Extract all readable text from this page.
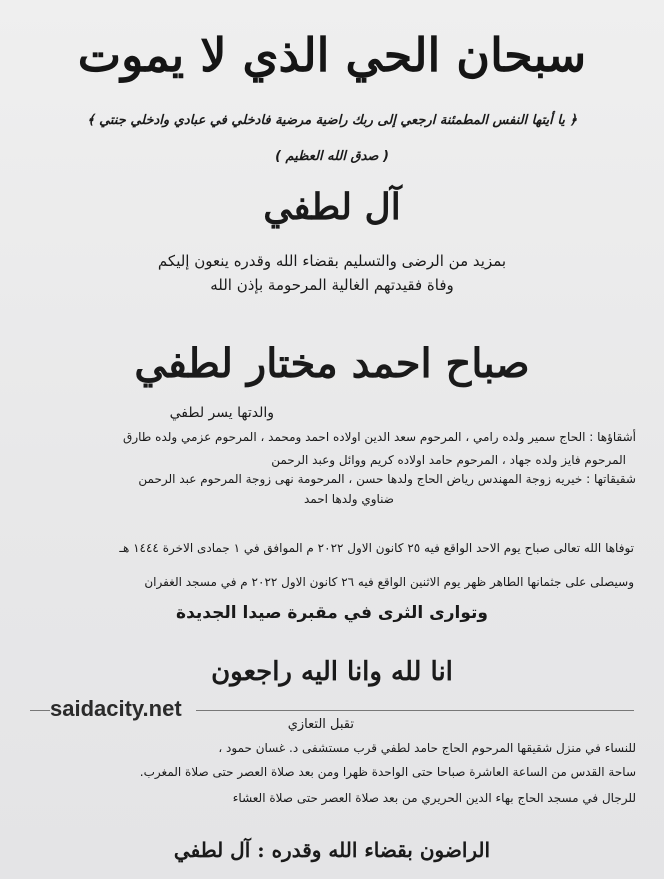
سبحان الحي الذي لا يموت
﴿ يا أيتها النفس المطمئنة ارجعي إلى ربك راضية مرضية فادخلي في عبادي وادخلي جنتي ﴾
( صدق الله العظيم )
آل لطفي
بمزيد من الرضى والتسليم بقضاء الله وقدره ينعون إليكم
وفاة فقيدتهم الغالية المرحومة بإذن الله
صباح احمد مختار لطفي
والدتها يسر لطفي
أشقاؤها : الحاج سمير ولده رامي ، المرحوم سعد الدين اولاده احمد ومحمد ، المرحوم عزمي ولده طارق
المرحوم فايز ولده جهاد ، المرحوم حامد اولاده كريم ووائل وعبد الرحمن
شقيقاتها : خيريه زوجة المهندس رياض الحاج ولدها حسن ، المرحومة نهى زوجة المرحوم عبد الرحمن
ضناوي ولدها احمد
توفاها الله تعالى صباح يوم الاحد الواقع فيه ٢٥ كانون الاول ٢٠٢٢ م الموافق في ١ جمادى الاخرة ١٤٤٤ هـ
وسيصلى على جثمانها الطاهر ظهر يوم الاثنين الواقع فيه ٢٦ كانون الاول ٢٠٢٢ م في مسجد الغفران
وتوارى الثرى في مقبرة صيدا الجديدة
انا لله وانا اليه راجعون
saidacity.net
تقبل التعازي
للنساء في منزل شقيقها المرحوم الحاج حامد لطفي قرب مستشفى د. غسان حمود ،
ساحة القدس من الساعة العاشرة صباحا حتى الواحدة ظهرا ومن بعد صلاة العصر حتى صلاة المغرب.
للرجال في مسجد الحاج بهاء الدين الحريري من بعد صلاة العصر حتى صلاة العشاء
الراضون بقضاء الله وقدره : آل لطفي
